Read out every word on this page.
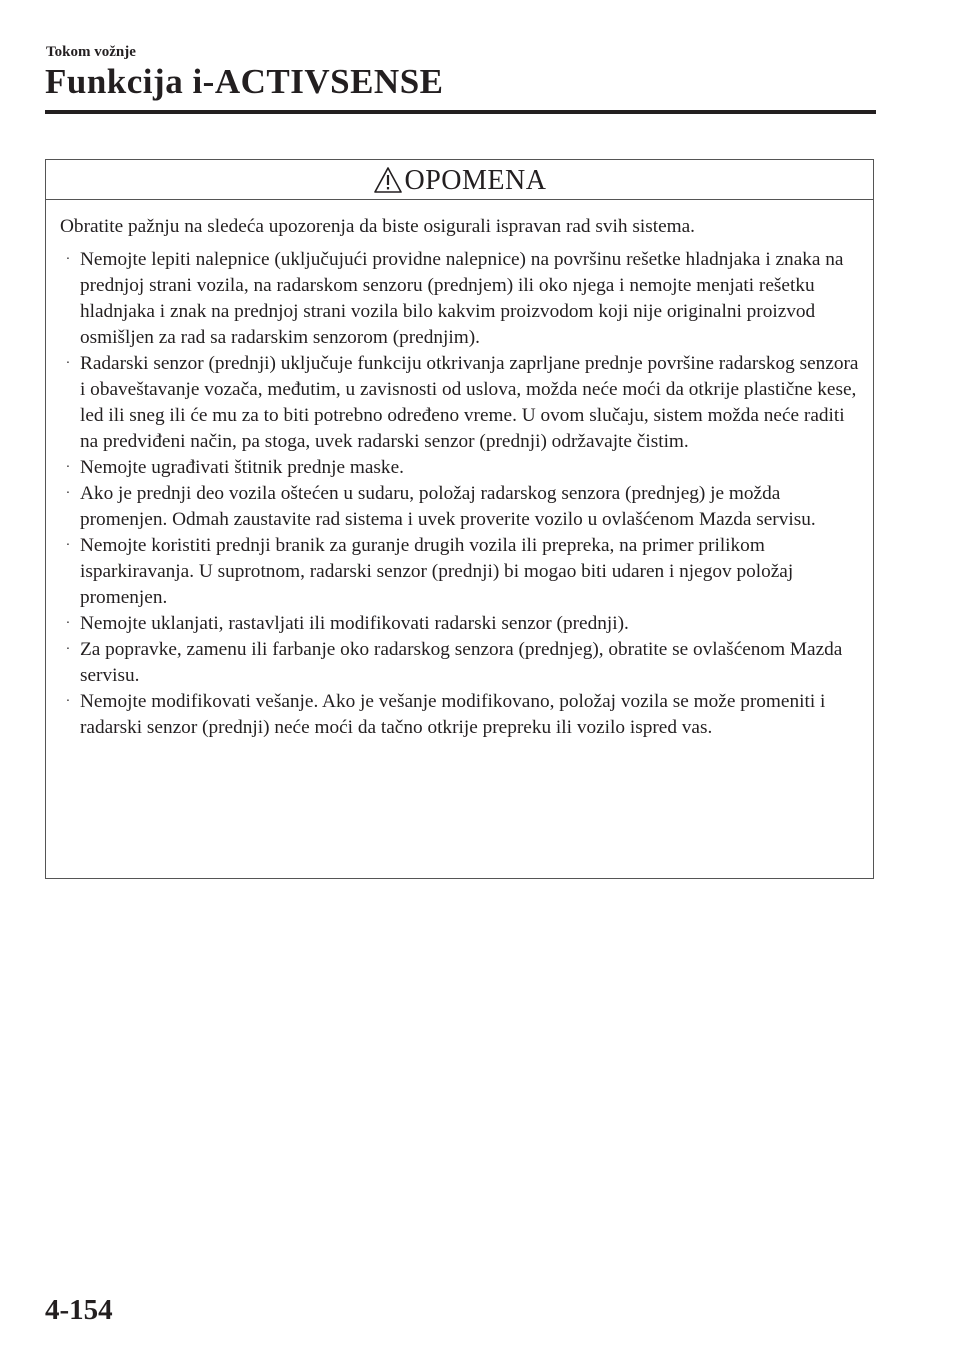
Tokom vožnje
Funkcija i-ACTIVSENSE
OPOMENA

Obratite pažnju na sledeća upozorenja da biste osigurali ispravan rad svih sistema.

· Nemojte lepiti nalepnice (uključujući providne nalepnice) na površinu rešetke hladnjaka i znaka na prednjoj strani vozila, na radarskom senzoru (prednjem) ili oko njega i nemojte menjati rešetku hladnjaka i znak na prednjoj strani vozila bilo kakvim proizvodom koji nije originalni proizvod osmišljen za rad sa radarskim senzorom (prednjim).
· Radarski senzor (prednji) uključuje funkciju otkrivanja zaprljane prednje površine radarskog senzora i obaveštavanje vozača, međutim, u zavisnosti od uslova, možda neće moći da otkrije plastične kese, led ili sneg ili će mu za to biti potrebno određeno vreme. U ovom slučaju, sistem možda neće raditi na predviđeni način, pa stoga, uvek radarski senzor (prednji) održavajte čistim.
· Nemojte ugrađivati štitnik prednje maske.
· Ako je prednji deo vozila oštećen u sudaru, položaj radarskog senzora (prednjeg) je možda promenjen. Odmah zaustavite rad sistema i uvek proverite vozilo u ovlašćenom Mazda servisu.
· Nemojte koristiti prednji branik za guranje drugih vozila ili prepreka, na primer prilikom isparkiravanja. U suprotnom, radarski senzor (prednji) bi mogao biti udaren i njegov položaj promenjen.
· Nemojte uklanjati, rastavljati ili modifikovati radarski senzor (prednji).
· Za popravke, zamenu ili farbanje oko radarskog senzora (prednjeg), obratite se ovlašćenom Mazda servisu.
· Nemojte modifikovati vešanje. Ako je vešanje modifikovano, položaj vozila se može promeniti i radarski senzor (prednji) neće moći da tačno otkrije prepreku ili vozilo ispred vas.
4-154
